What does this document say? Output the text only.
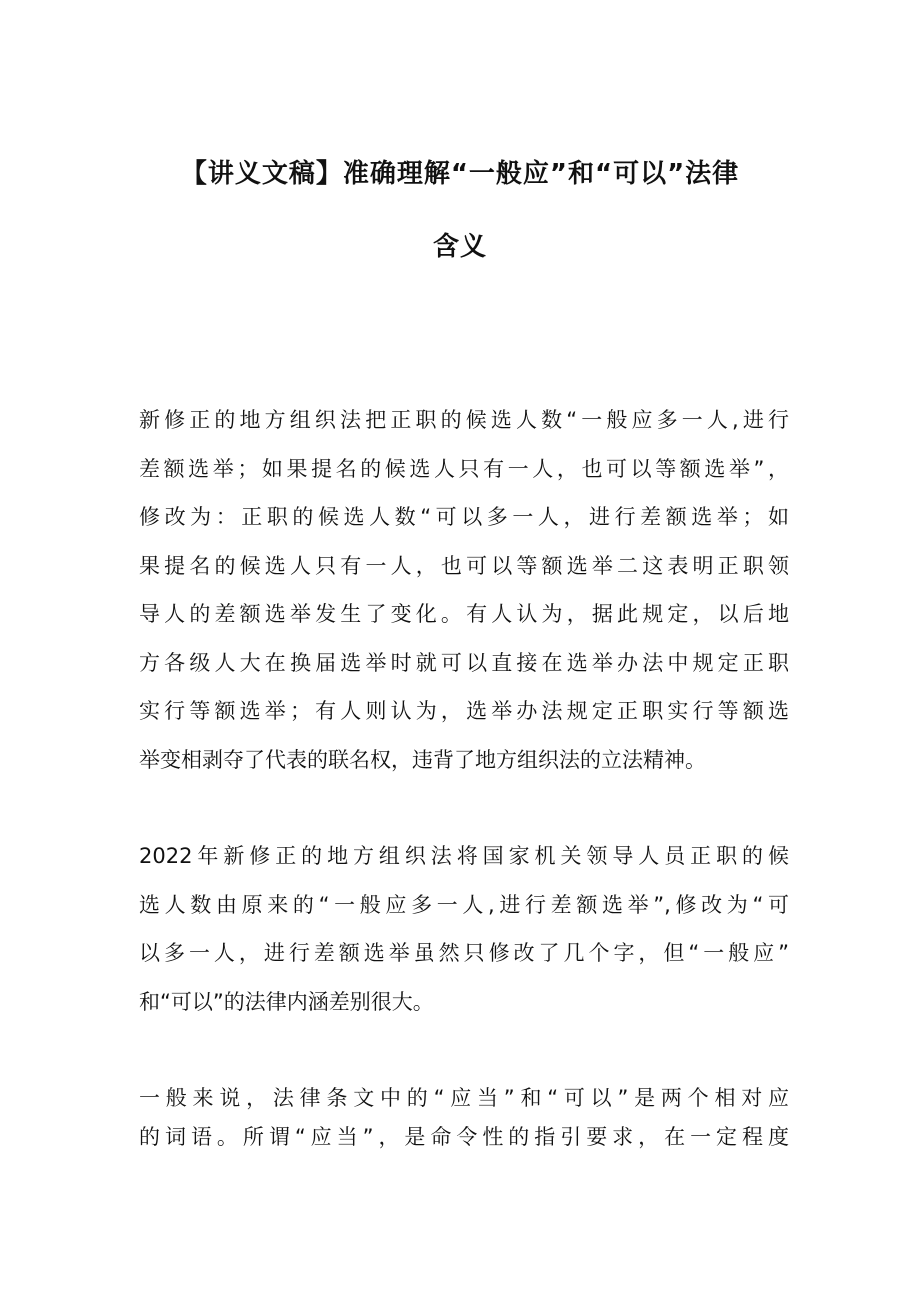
【讲义文稿】准确理解“一般应”和“可以”法律
含义
新修正的地方组织法把正职的候选人数“一般应多一人,进行
差额选举；如果提名的候选人只有一人，也可以等额选举”，
修改为：正职的候选人数“可以多一人，进行差额选举；如
果提名的候选人只有一人，也可以等额选举二这表明正职领
导人的差额选举发生了变化。有人认为，据此规定，以后地
方各级人大在换届选举时就可以直接在选举办法中规定正职
实行等额选举；有人则认为，选举办法规定正职实行等额选
举变相剥夺了代表的联名权，违背了地方组织法的立法精神。
2022年新修正的地方组织法将国家机关领导人员正职的候
选人数由原来的“一般应多一人,进行差额选举”,修改为“可
以多一人，进行差额选举虽然只修改了几个字，但“一般应”
和“可以”的法律内涵差别很大。
一般来说，法律条文中的“应当”和“可以”是两个相对应
的词语。所谓“应当”，是命令性的指引要求，在一定程度
